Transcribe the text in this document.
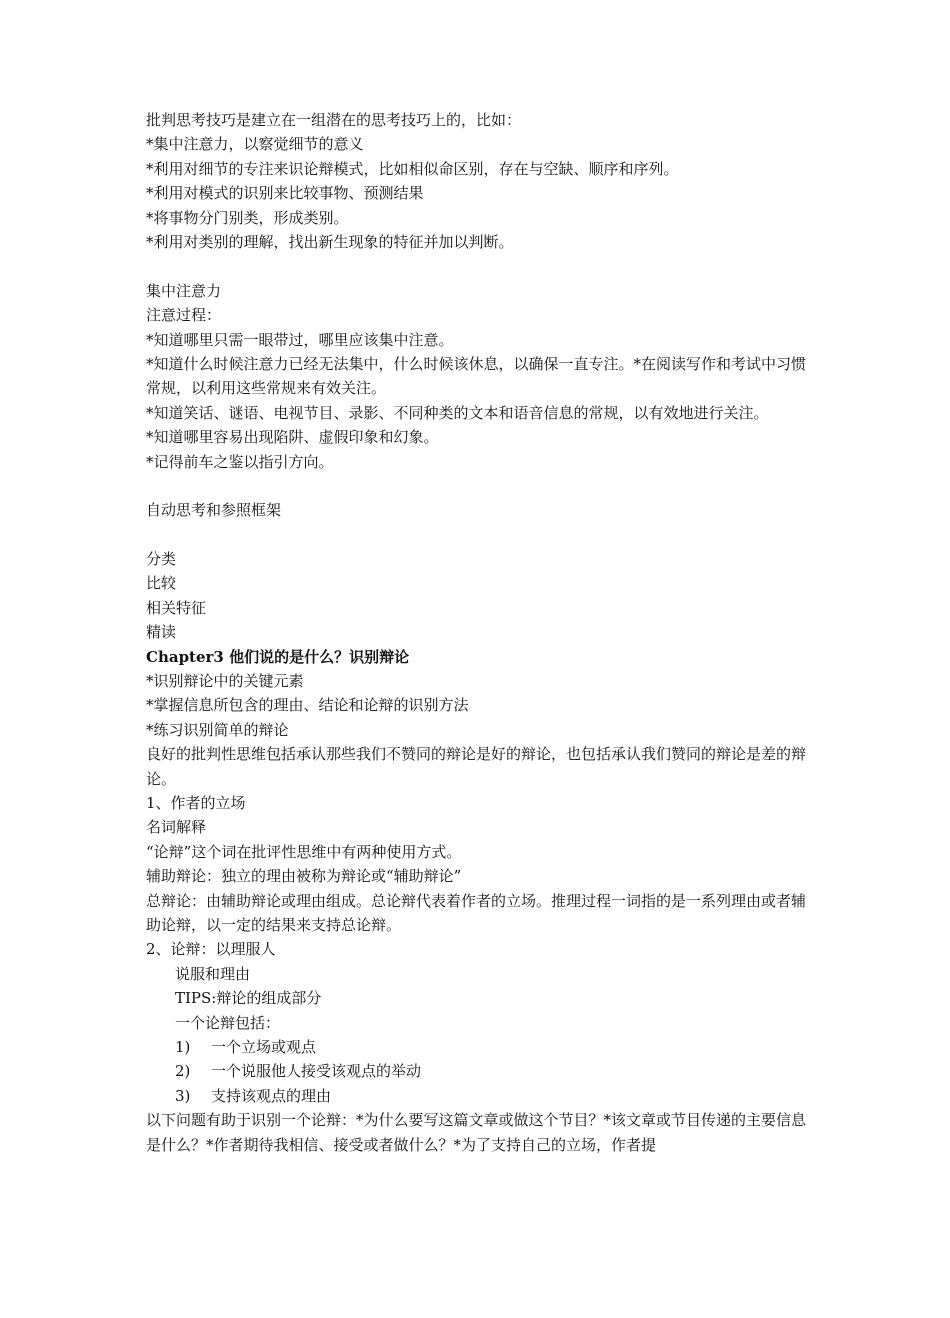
批判思考技巧是建立在一组潜在的思考技巧上的，比如：
*集中注意力，以察觉细节的意义
*利用对细节的专注来识论辩模式，比如相似命区别，存在与空缺、顺序和序列。
*利用对模式的识别来比较事物、预测结果
*将事物分门别类，形成类别。
*利用对类别的理解，找出新生现象的特征并加以判断。
集中注意力
注意过程：
*知道哪里只需一眼带过，哪里应该集中注意。
*知道什么时候注意力已经无法集中，什么时候该休息，以确保一直专注。*在阅读写作和考试中习惯常规，以利用这些常规来有效关注。
*知道笑话、谜语、电视节目、录影、不同种类的文本和语音信息的常规，以有效地进行关注。
*知道哪里容易出现陷阱、虚假印象和幻象。
*记得前车之鉴以指引方向。
自动思考和参照框架
分类
比较
相关特征
精读
Chapter3 他们说的是什么？识别辩论
*识别辩论中的关键元素
*掌握信息所包含的理由、结论和论辩的识别方法
*练习识别简单的辩论
良好的批判性思维包括承认那些我们不赞同的辩论是好的辩论，也包括承认我们赞同的辩论是差的辩论。
1、作者的立场
名词解释
“论辩”这个词在批评性思维中有两种使用方式。
辅助辩论：独立的理由被称为辩论或“辅助辩论”
总辩论：由辅助辩论或理由组成。总论辩代表着作者的立场。推理过程一词指的是一系列理由或者辅助论辩，以一定的结果来支持总论辩。
2、论辩：以理服人
说服和理由
TIPS:辩论的组成部分
一个论辩包括：
1) 一个立场或观点
2) 一个说服他人接受该观点的举动
3) 支持该观点的理由
以下问题有助于识别一个论辩：*为什么要写这篇文章或做这个节目？*该文章或节目传递的主要信息是什么？*作者期待我相信、接受或者做什么？*为了支持自己的立场，作者提
